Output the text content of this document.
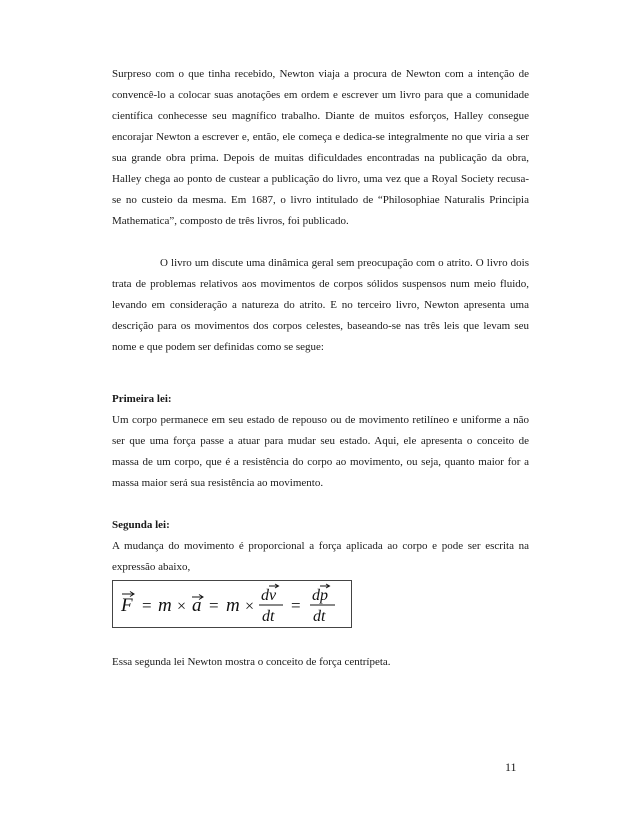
Surpreso com o que tinha recebido, Newton viaja a procura de Newton com a intenção de convencê-lo a colocar suas anotações em ordem e escrever um livro para que a comunidade científica conhecesse seu magnífico trabalho. Diante de muitos esforços, Halley consegue encorajar Newton a escrever e, então, ele começa e dedica-se integralmente no que viria a ser sua grande obra prima. Depois de muitas dificuldades encontradas na publicação da obra, Halley chega ao ponto de custear a publicação do livro, uma vez que a Royal Society recusa-se no custeio da mesma. Em 1687, o livro intitulado de “Philosophiae Naturalis Principia Mathematica”, composto de três livros, foi publicado.

O livro um discute uma dinâmica geral sem preocupação com o atrito. O livro dois trata de problemas relativos aos movimentos de corpos sólidos suspensos num meio fluido, levando em consideração a natureza do atrito. E no terceiro livro, Newton apresenta uma descrição para os movimentos dos corpos celestes, baseando-se nas três leis que levam seu nome e que podem ser definidas como se segue:

Primeira lei:

Um corpo permanece em seu estado de repouso ou de movimento retilíneo e uniforme a não ser que uma força passe a atuar para mudar seu estado. Aqui, ele apresenta o conceito de massa de um corpo, que é a resistência do corpo ao movimento, ou seja, quanto maior for a massa maior será sua resistência ao movimento.

Segunda lei:

A mudança do movimento é proporcional a força aplicada ao corpo e pode ser escrita na expressão abaixo,

F = m × a = m ×
dv
dt
=
dp
dt

Essa segunda lei Newton mostra o conceito de força centrípeta.

11
